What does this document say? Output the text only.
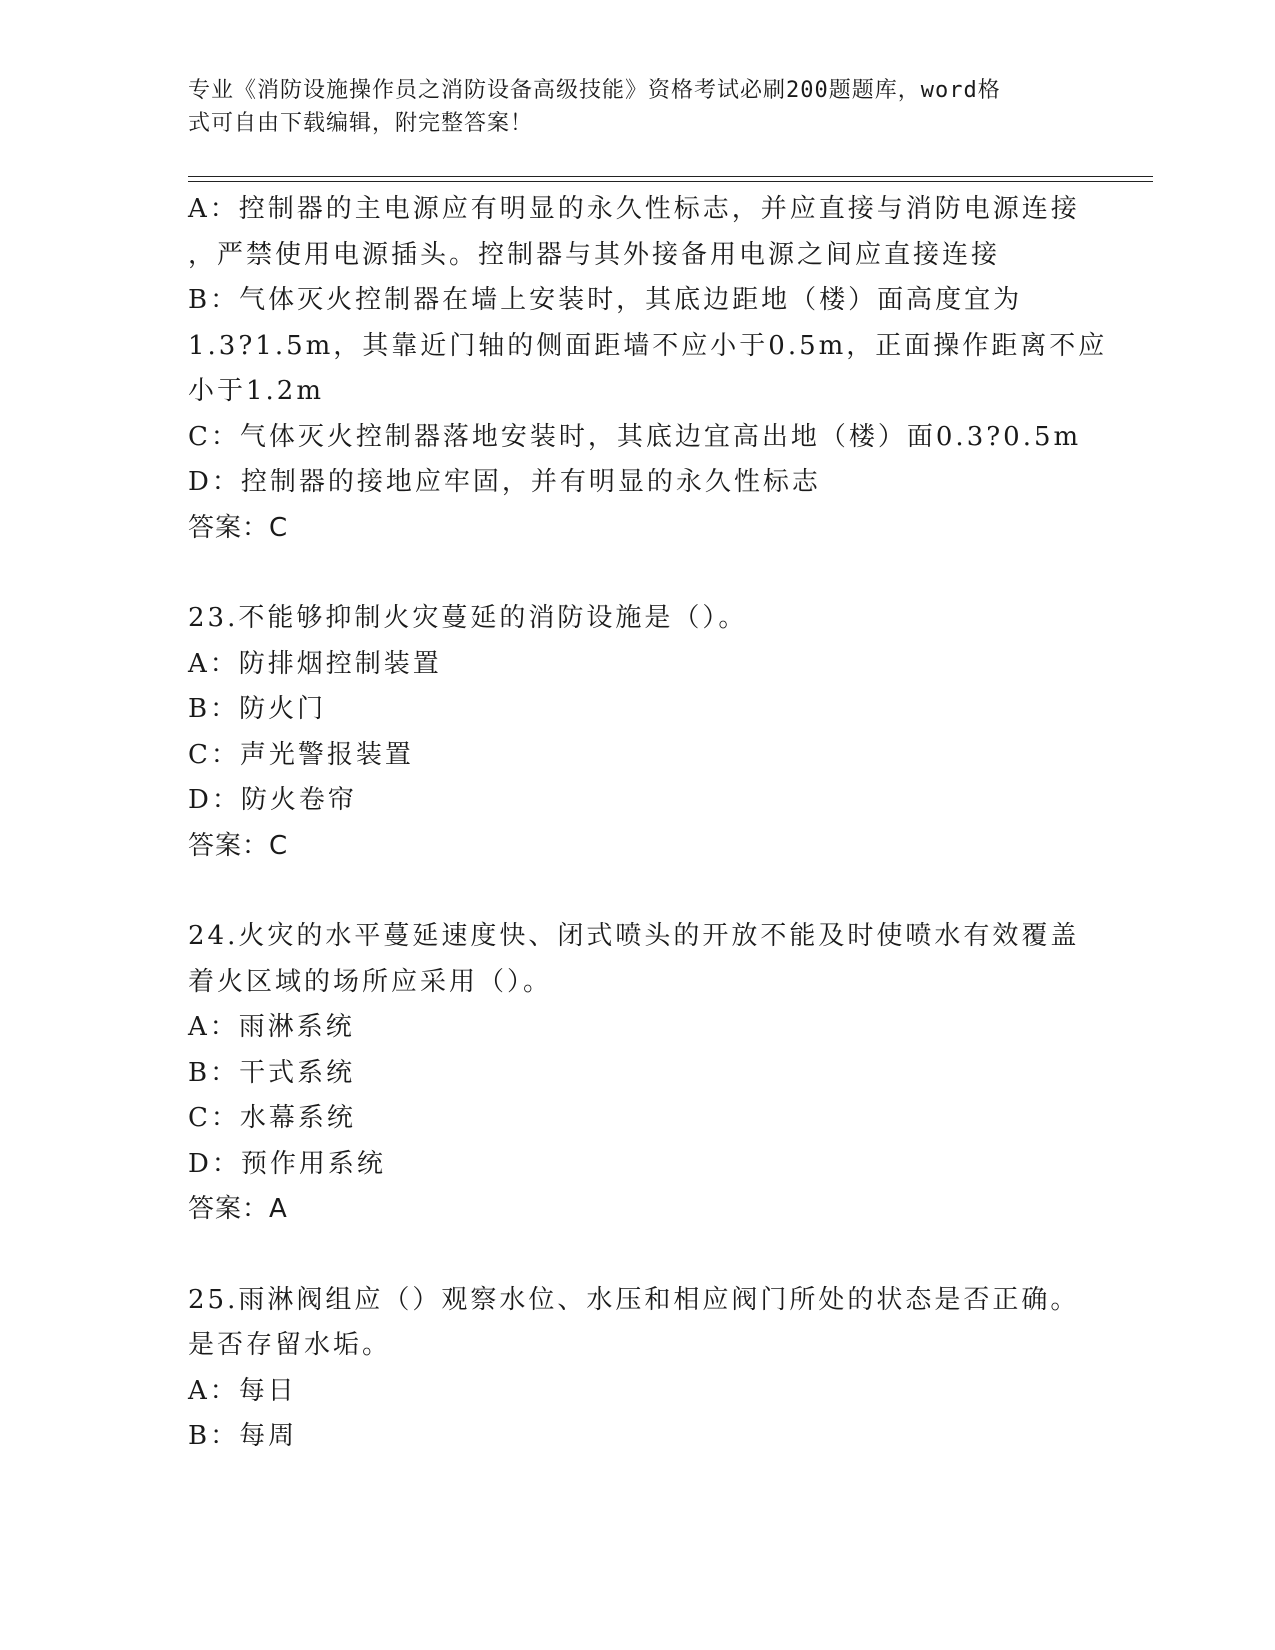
专业《消防设施操作员之消防设备高级技能》资格考试必刷200题题库，word格
式可自由下载编辑，附完整答案！
A：控制器的主电源应有明显的永久性标志，并应直接与消防电源连接
，严禁使用电源插头。控制器与其外接备用电源之间应直接连接
B：气体灭火控制器在墙上安装时，其底边距地（楼）面高度宜为
1.3?1.5m，其靠近门轴的侧面距墙不应小于0.5m，正面操作距离不应
小于1.2m
C：气体灭火控制器落地安装时，其底边宜高出地（楼）面0.3?0.5m
D：控制器的接地应牢固，并有明显的永久性标志
答案：C
23.不能够抑制火灾蔓延的消防设施是（）。
A：防排烟控制装置
B：防火门
C：声光警报装置
D：防火卷帘
答案：C
24.火灾的水平蔓延速度快、闭式喷头的开放不能及时使喷水有效覆盖
着火区域的场所应采用（）。
A：雨淋系统
B：干式系统
C：水幕系统
D：预作用系统
答案：A
25.雨淋阀组应（）观察水位、水压和相应阀门所处的状态是否正确。
是否存留水垢。
A：每日
B：每周
